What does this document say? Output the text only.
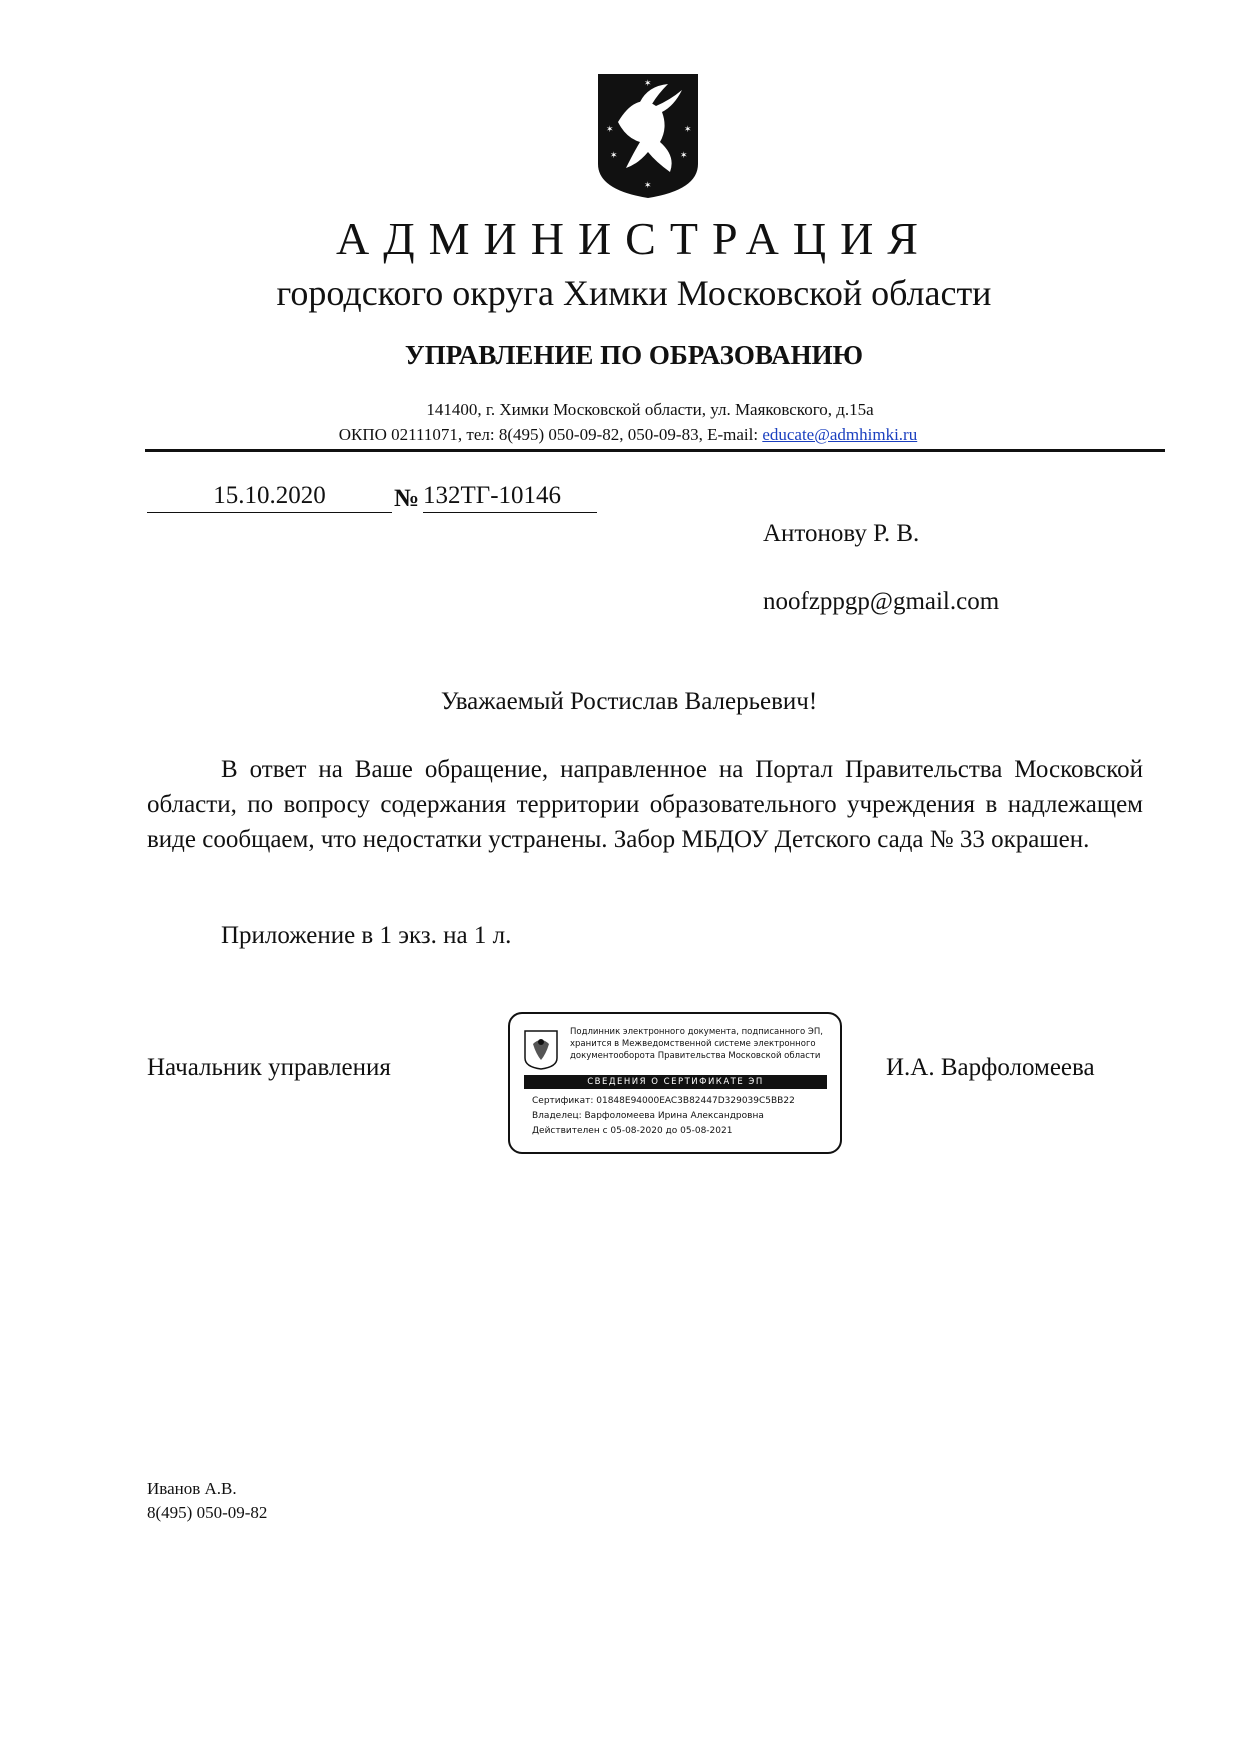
✶	✶
✶	✶
✶
✶
АДМИНИСТРАЦИЯ
городского округа Химки Московской области
УПРАВЛЕНИЕ ПО ОБРАЗОВАНИЮ
141400, г. Химки Московской области, ул. Маяковского, д.15а
ОКПО 02111071, тел: 8(495) 050-09-82, 050-09-83, E-mail: educate@admhimki.ru
15.10.2020	№ 132ТГ-10146
Антонову Р. В.
noofzppgp@gmail.com
Уважаемый Ростислав Валерьевич!

В ответ на Ваше обращение, направленное на Портал Правительства Московской области, по вопросу содержания территории образовательного учреждения в надлежащем виде сообщаем, что недостатки устранены. Забор МБДОУ Детского сада № 33 окрашен.

Приложение в 1 экз. на 1 л.
Начальник управления
Подлинник электронного документа, подписанного ЭП, хранится в Межведомственной системе электронного документооборота Правительства Московской области
СВЕДЕНИЯ О СЕРТИФИКАТЕ ЭП
Сертификат: 01848E94000EAC3B82447D329039C5BB22
Владелец: Варфоломеева Ирина Александровна
Действителен с 05-08-2020 до 05-08-2021
И.А. Варфоломеева
Иванов А.В.
8(495) 050-09-82
